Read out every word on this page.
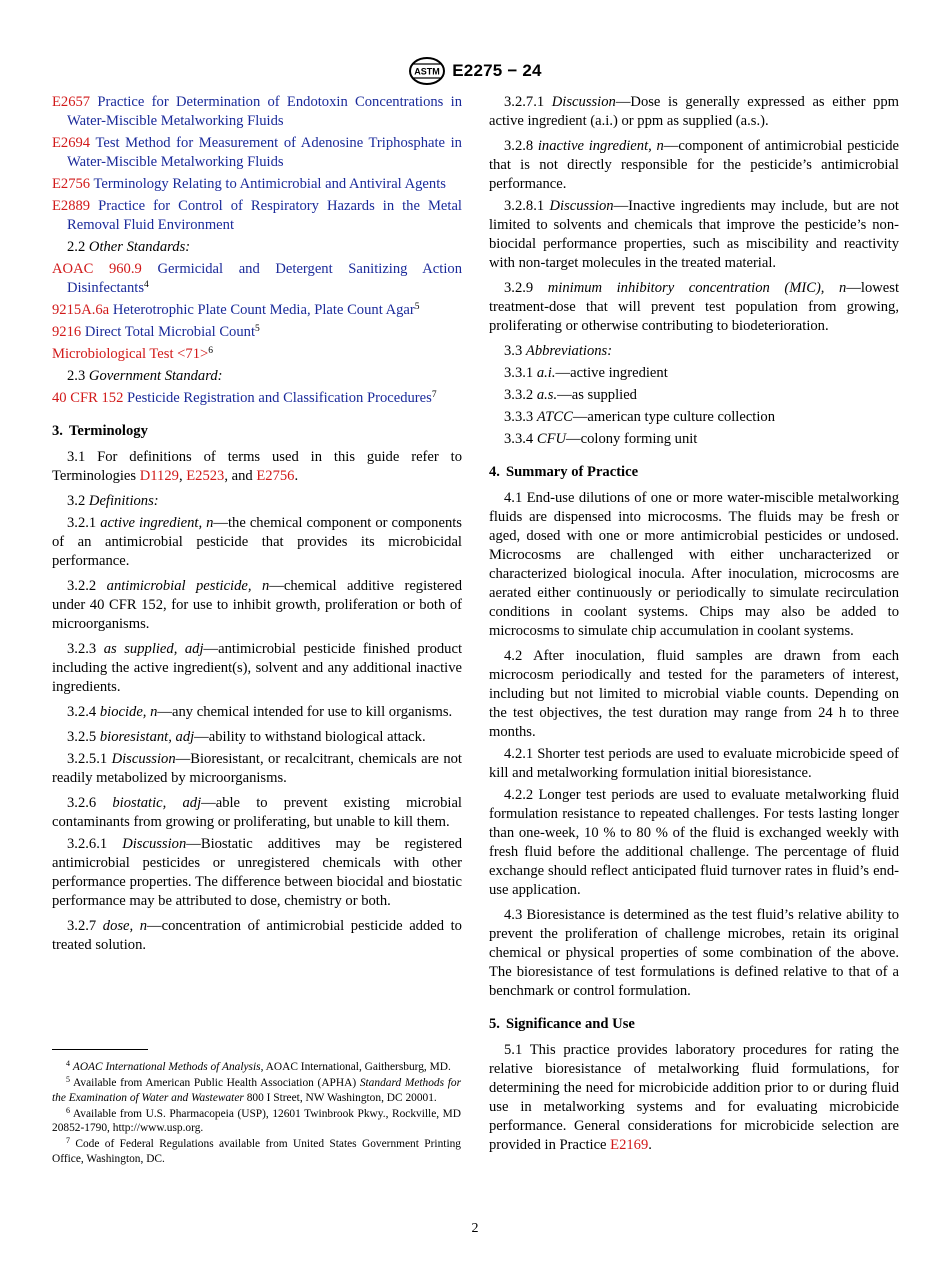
ASTM E2275 − 24

E2657 Practice for Determination of Endotoxin Concentrations in Water-Miscible Metalworking Fluids

E2694 Test Method for Measurement of Adenosine Triphosphate in Water-Miscible Metalworking Fluids

E2756 Terminology Relating to Antimicrobial and Antiviral Agents

E2889 Practice for Control of Respiratory Hazards in the Metal Removal Fluid Environment

2.2 Other Standards:

AOAC 960.9 Germicidal and Detergent Sanitizing Action Disinfectants$^4$

9215A.6a Heterotrophic Plate Count Media, Plate Count Agar$^5$

9216 Direct Total Microbial Count$^5$

Microbiological Test <71>$^6$

2.3 Government Standard:

40 CFR 152 Pesticide Registration and Classification Procedures$^7$

3. Terminology

3.1 For definitions of terms used in this guide refer to Terminologies D1129, E2523, and E2756.

3.2 Definitions:

3.2.1 active ingredient, n—the chemical component or components of an antimicrobial pesticide that provides its microbicidal performance.

3.2.2 antimicrobial pesticide, n—chemical additive registered under 40 CFR 152, for use to inhibit growth, proliferation or both of microorganisms.

3.2.3 as supplied, adj—antimicrobial pesticide finished product including the active ingredient(s), solvent and any additional inactive ingredients.

3.2.4 biocide, n—any chemical intended for use to kill organisms.

3.2.5 bioresistant, adj—ability to withstand biological attack.

3.2.5.1 Discussion—Bioresistant, or recalcitrant, chemicals are not readily metabolized by microorganisms.

3.2.6 biostatic, adj—able to prevent existing microbial contaminants from growing or proliferating, but unable to kill them.

3.2.6.1 Discussion—Biostatic additives may be registered antimicrobial pesticides or unregistered chemicals with other performance properties. The difference between biocidal and biostatic performance may be attributed to dose, chemistry or both.

3.2.7 dose, n—concentration of antimicrobial pesticide added to treated solution.

3.2.7.1 Discussion—Dose is generally expressed as either ppm active ingredient (a.i.) or ppm as supplied (a.s.).

3.2.8 inactive ingredient, n—component of antimicrobial pesticide that is not directly responsible for the pesticide’s antimicrobial performance.

3.2.8.1 Discussion—Inactive ingredients may include, but are not limited to solvents and chemicals that improve the pesticide’s non-biocidal performance properties, such as miscibility and reactivity with non-target molecules in the treated material.

3.2.9 minimum inhibitory concentration (MIC), n—lowest treatment-dose that will prevent test population from growing, proliferating or otherwise contributing to biodeterioration.

3.3 Abbreviations:

3.3.1 a.i.—active ingredient

3.3.2 a.s.—as supplied

3.3.3 ATCC—american type culture collection

3.3.4 CFU—colony forming unit

4. Summary of Practice

4.1 End-use dilutions of one or more water-miscible metalworking fluids are dispensed into microcosms. The fluids may be fresh or aged, dosed with one or more antimicrobial pesticides or undosed. Microcosms are challenged with either uncharacterized or characterized biological inocula. After inoculation, microcosms are aerated either continuously or periodically to simulate recirculation conditions in coolant systems. Chips may also be added to microcosms to simulate chip accumulation in coolant systems.

4.2 After inoculation, fluid samples are drawn from each microcosm periodically and tested for the parameters of interest, including but not limited to microbial viable counts. Depending on the test objectives, the test duration may range from 24 h to three months.

4.2.1 Shorter test periods are used to evaluate microbicide speed of kill and metalworking formulation initial bioresistance.

4.2.2 Longer test periods are used to evaluate metalworking fluid formulation resistance to repeated challenges. For tests lasting longer than one-week, 10 % to 80 % of the fluid is exchanged weekly with fresh fluid before the additional challenge. The percentage of fluid exchange should reflect anticipated fluid turnover rates in fluid’s end-use application.

4.3 Bioresistance is determined as the test fluid’s relative ability to prevent the proliferation of challenge microbes, retain its original chemical or physical properties of some combination of the above. The bioresistance of test formulations is defined relative to that of a benchmark or control formulation.

5. Significance and Use

5.1 This practice provides laboratory procedures for rating the relative bioresistance of metalworking fluid formulations, for determining the need for microbicide addition prior to or during fluid use in metalworking systems and for evaluating microbicide performance. General considerations for microbicide selection are provided in Practice E2169.

$^4$ AOAC International Methods of Analysis, AOAC International, Gaithersburg, MD.

$^5$ Available from American Public Health Association (APHA) Standard Methods for the Examination of Water and Wastewater 800 I Street, NW Washington, DC 20001.

$^6$ Available from U.S. Pharmacopeia (USP), 12601 Twinbrook Pkwy., Rockville, MD 20852-1790, http://www.usp.org.

$^7$ Code of Federal Regulations available from United States Government Printing Office, Washington, DC.

2
